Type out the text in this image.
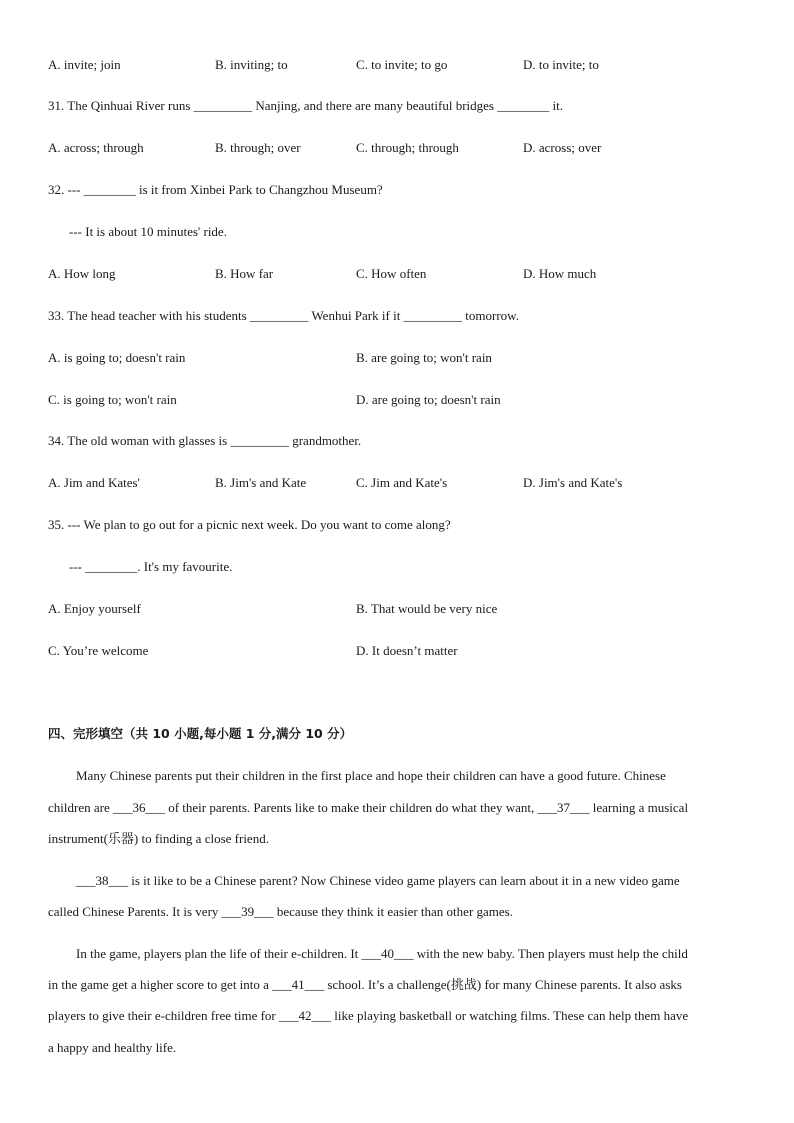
A. invite; join	B. inviting; to	C. to invite; to go	D. to invite; to
31. The Qinhuai River runs _________ Nanjing, and there are many beautiful bridges ________ it.
A. across; through	B. through; over	C. through; through	D. across; over
32. --- ________ is it from Xinbei Park to Changzhou Museum?
--- It is about 10 minutes' ride.
A. How long	B. How far	C. How often	D. How much
33. The head teacher with his students _________ Wenhui Park if it _________ tomorrow.
A. is going to; doesn't rain	B. are going to; won't rain
C. is going to; won't rain	D. are going to; doesn't rain
34. The old woman with glasses is _________ grandmother.
A. Jim and Kates'	B. Jim's and Kate	C. Jim and Kate's	D. Jim's and Kate's
35. --- We plan to go out for a picnic next week. Do you want to come along?
--- ________. It's my favourite.
A. Enjoy yourself	B. That would be very nice
C. You’re welcome	D. It doesn’t matter
四、完形填空（共 10 小题,每小题 1 分,满分 10 分）
Many Chinese parents put their children in the first place and hope their children can have a good future. Chinese
children are ___36___ of their parents. Parents like to make their children do what they want, ___37___ learning a musical
instrument(乐器) to finding a close friend.
___38___ is it like to be a Chinese parent? Now Chinese video game players can learn about it in a new video game
called Chinese Parents. It is very ___39___ because they think it easier than other games.
In the game, players plan the life of their e-children. It ___40___ with the new baby. Then players must help the child
in the game get a higher score to get into a ___41___ school. It’s a challenge(挑战) for many Chinese parents. It also asks
players to give their e-children free time for ___42___ like playing basketball or watching films. These can help them have
a happy and healthy life.
